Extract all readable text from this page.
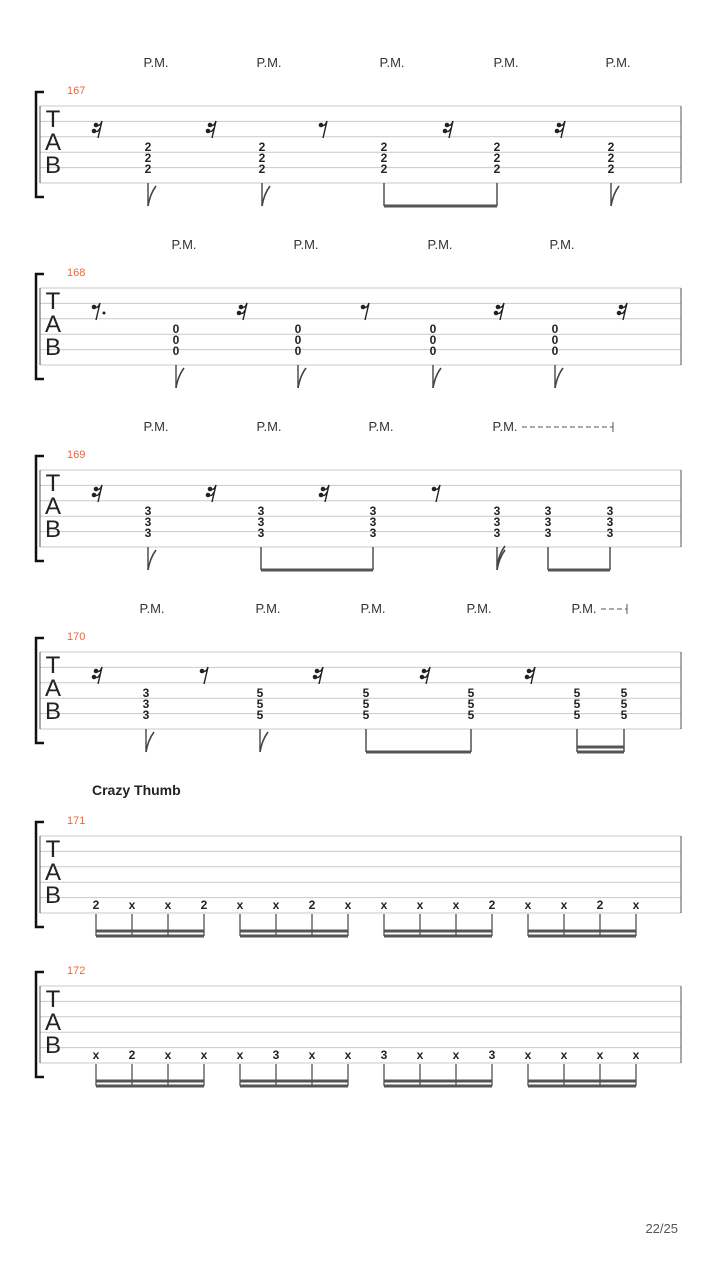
T
A
B
167
P.M.	P.M.	P.M.	P.M.	P.M.
2
2
2
2
2
2
2
2
2
2
2
2
2
2
2
T
A
B
168
P.M.	P.M.	P.M.	P.M.
0
0
0
0
0
0
0
0
0
0
0
0
T
A
B
169
P.M.	P.M.	P.M.	P.M.
3
3
3
3
3
3
3
3
3
3
3
3
3
3
3
3
3
3
T
A
B
170
P.M.	P.M.	P.M.	P.M.	P.M.
3
3
3
5
5
5
5
5
5
5
5
5
5
5
5
5
5
5
T
A
B
171
Crazy Thumb
2 x x 2 x x 2 x x x x 2 x x 2 x
T
A
B
172
x 2 x x x 3 x x 3 x x 3 x x x x
22/25
